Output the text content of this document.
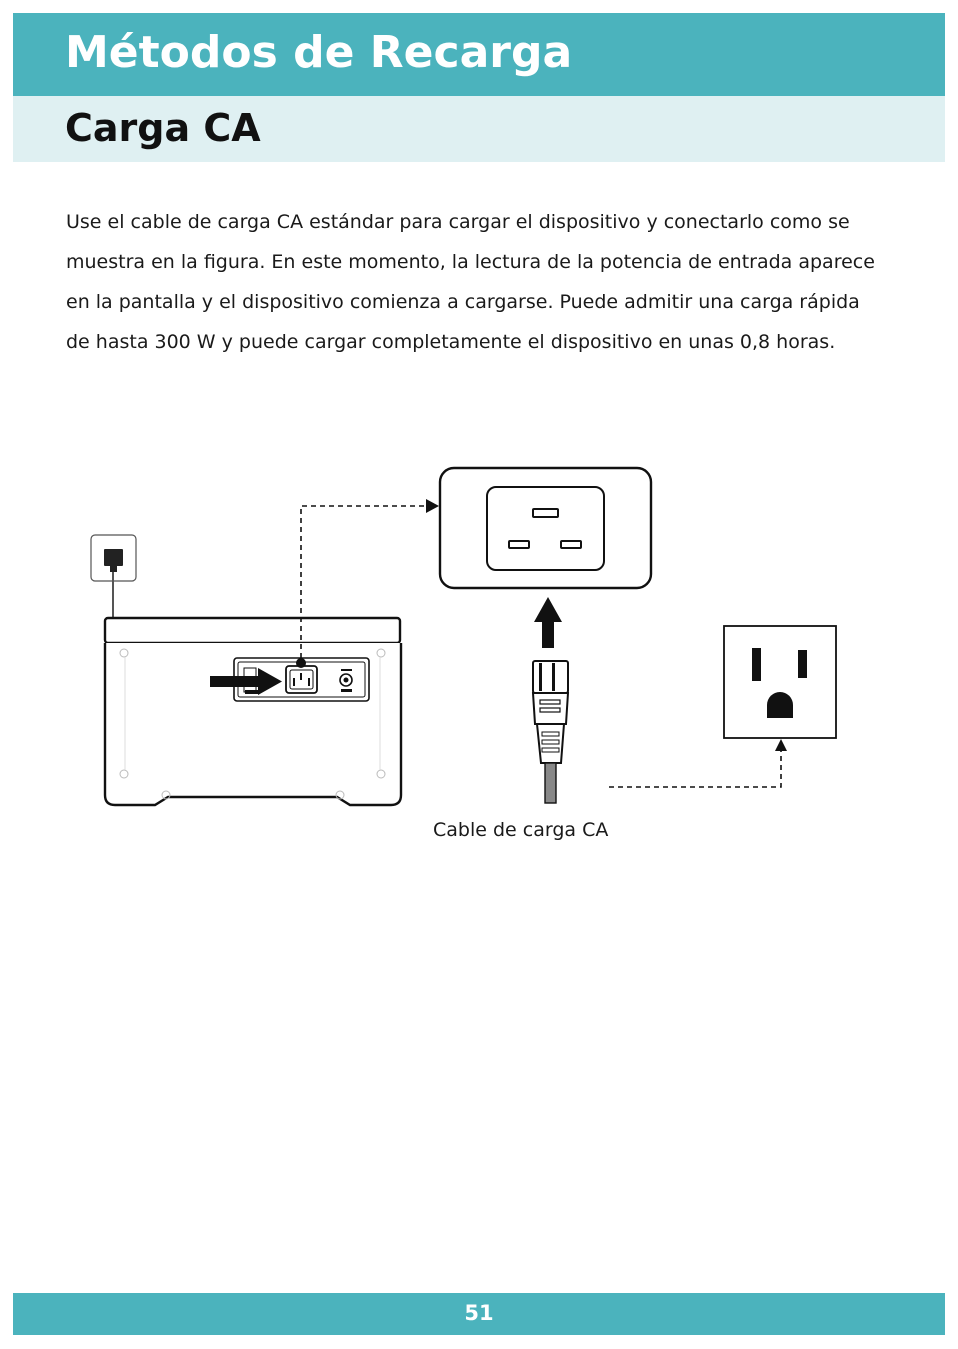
Métodos de Recarga
Carga CA

Use el cable de carga CA estándar para cargar el dispositivo y conectarlo como se muestra en la figura. En este momento, la lectura de la potencia de entrada aparece en la pantalla y el dispositivo comienza a cargarse. Puede admitir una carga rápida de hasta 300 W y puede cargar completamente el dispositivo en unas 0,8 horas.

Cable de carga CA

51
